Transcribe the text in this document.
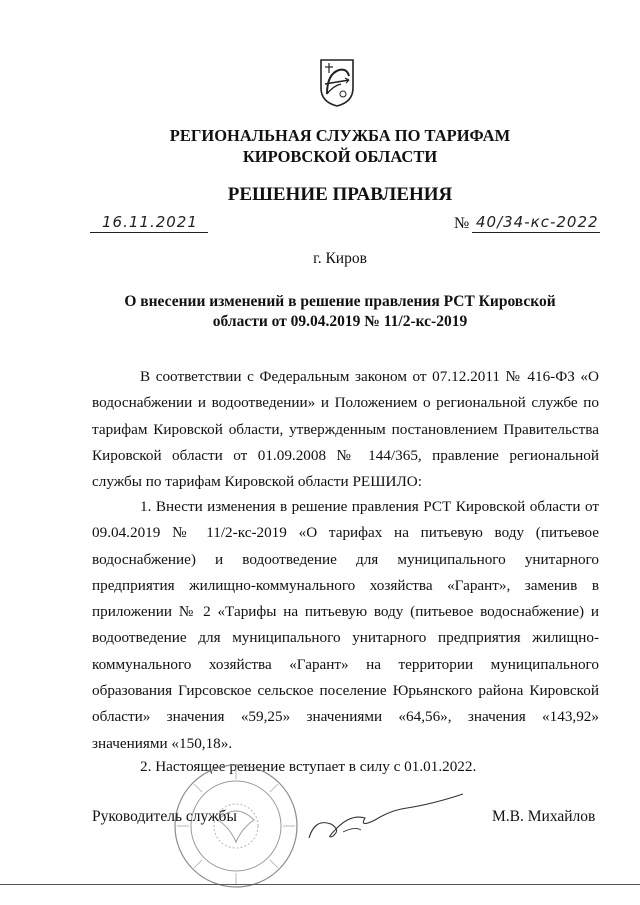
РЕГИОНАЛЬНАЯ СЛУЖБА ПО ТАРИФАМ
КИРОВСКОЙ ОБЛАСТИ
РЕШЕНИЕ ПРАВЛЕНИЯ
16.11.2021	№ 40/34-кс-2022
г. Киров
О внесении изменений в решение правления РСТ Кировской области от 09.04.2019 № 11/2-кс-2019
В соответствии с Федеральным законом от 07.12.2011 № 416-ФЗ «О водоснабжении и водоотведении» и Положением о региональной службе по тарифам Кировской области, утвержденным постановлением Правительства Кировской области от 01.09.2008 № 144/365, правление региональной службы по тарифам Кировской области РЕШИЛО:
1. Внести изменения в решение правления РСТ Кировской области от 09.04.2019 № 11/2-кс-2019 «О тарифах на питьевую воду (питьевое водоснабжение) и водоотведение для муниципального унитарного предприятия жилищно-коммунального хозяйства «Гарант», заменив в приложении № 2 «Тарифы на питьевую воду (питьевое водоснабжение) и водоотведение для муниципального унитарного предприятия жилищно-коммунального хозяйства «Гарант» на территории муниципального образования Гирсовское сельское поселение Юрьянского района Кировской области» значения «59,25» значениями «64,56», значения «143,92» значениями «150,18».
2. Настоящее решение вступает в силу с 01.01.2022.
Руководитель службы	М.В. Михайлов
